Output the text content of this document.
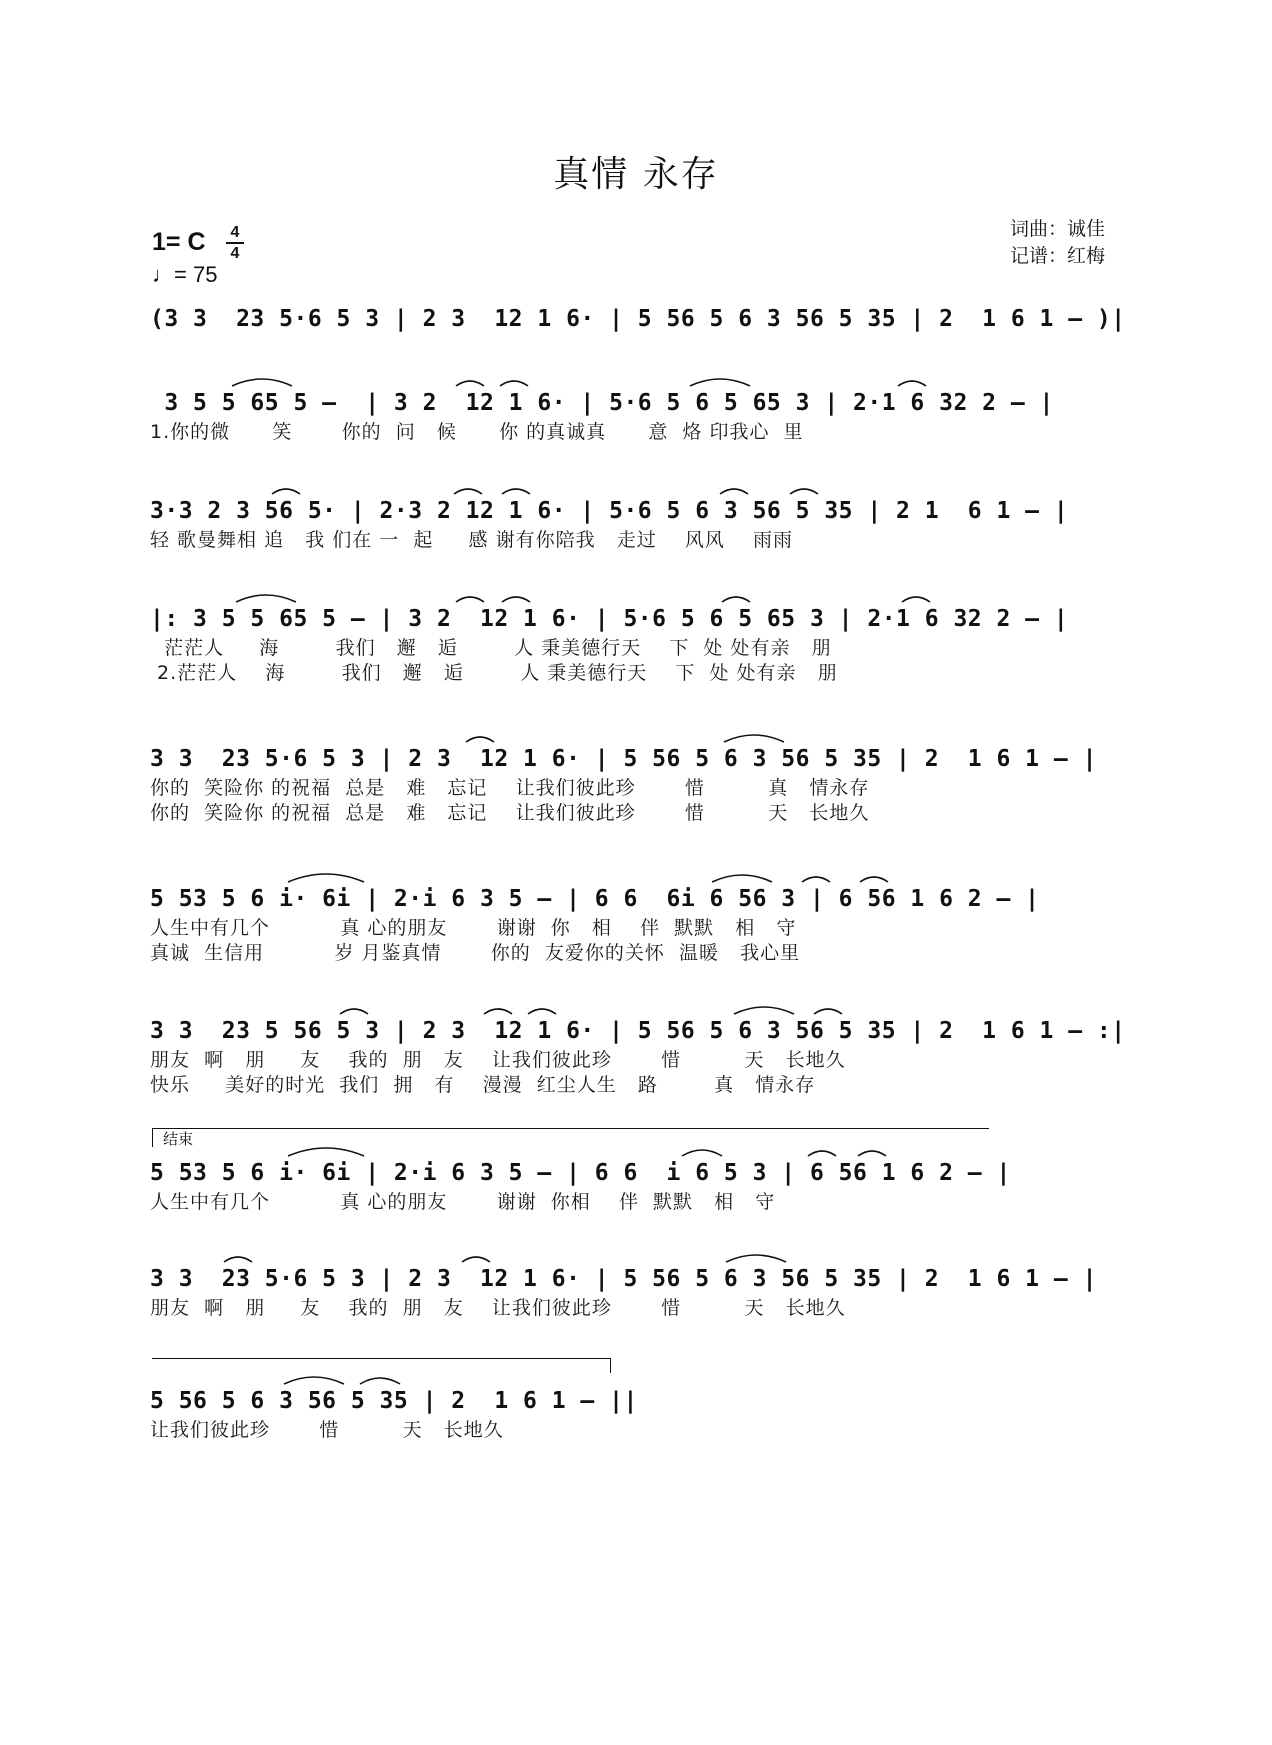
真情 永存
1= C 4
4
♩= 75
词曲：诚佳
记谱：红梅
(3 3  23 5·6 5 3 | 2 3  12 1 6· | 5 56 5 6 3 56 5 35 | 2  1 6 1 – )|
3 5 5 65 5 –  | 3 2  12 1 6· | 5·6 5 6 5 65 3 | 2·1 6 32 2 – |
1.你的微      笑       你的  问   候      你 的真诚真      意  烙 印我心  里
3·3 2 3 56 5· | 2·3 2 12 1 6· | 5·6 5 6 3 56 5 35 | 2 1  6 1 – |
轻 歌曼舞相 追   我 们在 一  起     感 谢有你陪我   走过    风风    雨雨
|: 3 5 5 65 5 – | 3 2  12 1 6· | 5·6 5 6 5 65 3 | 2·1 6 32 2 – |
茫茫人     海        我们   邂   逅        人 秉美德行天    下  处 处有亲   朋
2.茫茫人    海        我们   邂   逅        人 秉美德行天    下  处 处有亲   朋
3 3  23 5·6 5 3 | 2 3  12 1 6· | 5 56 5 6 3 56 5 35 | 2  1 6 1 – |
你的  笑险你 的祝福  总是   难   忘记    让我们彼此珍       惜         真   情永存
你的  笑险你 的祝福  总是   难   忘记    让我们彼此珍       惜         天   长地久
5 53 5 6 i· 6i | 2·i 6 3 5 – | 6 6  6i 6 56 3 | 6 56 1 6 2 – |
人生中有几个          真 心的朋友       谢谢  你   相    伴  默默   相   守
真诚  生信用          岁 月鉴真情       你的  友爱你的关怀  温暖   我心里
3 3  23 5 56 5 3 | 2 3  12 1 6· | 5 56 5 6 3 56 5 35 | 2  1 6 1 – :|
朋友  啊   朋     友    我的  朋   友    让我们彼此珍       惜         天   长地久
快乐     美好的时光  我们  拥   有    漫漫  红尘人生   路        真   情永存
结束
5 53 5 6 i· 6i | 2·i 6 3 5 – | 6 6  i 6 5 3 | 6 56 1 6 2 – |
人生中有几个          真 心的朋友       谢谢  你相    伴  默默   相   守
3 3  23 5·6 5 3 | 2 3  12 1 6· | 5 56 5 6 3 56 5 35 | 2  1 6 1 – |
朋友  啊   朋     友    我的  朋   友    让我们彼此珍       惜         天   长地久
5 56 5 6 3 56 5 35 | 2  1 6 1 – ||
让我们彼此珍       惜         天   长地久
